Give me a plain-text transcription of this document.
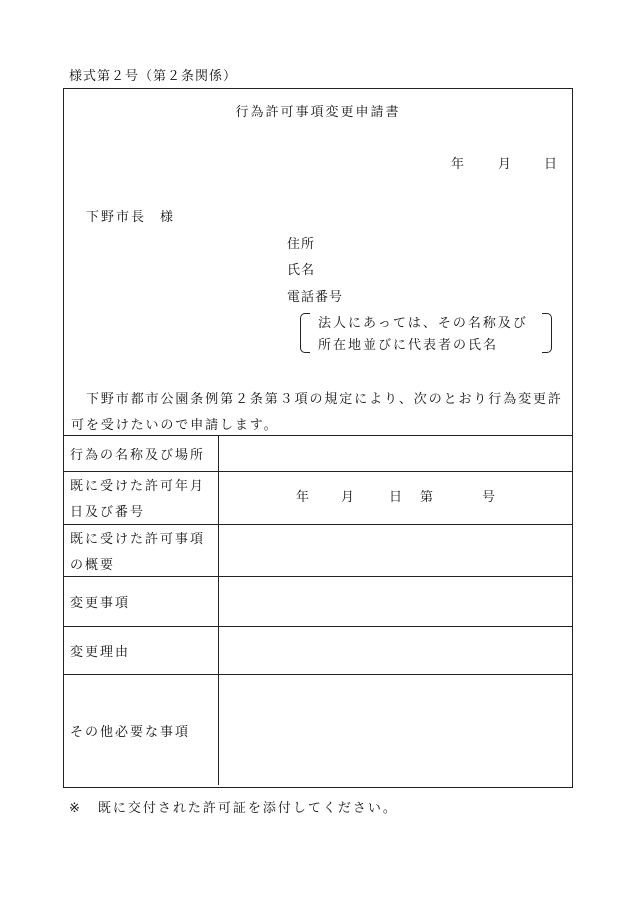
様式第２号（第２条関係）
行為許可事項変更申請書
年	月	日
下野市長 様
住所
氏名
電話番号
法人にあっては、その名称及び
所在地並びに代表者の氏名
下野市都市公園条例第２条第３項の規定により、次のとおり行為変更許可を受けたいので申請します。
行為の名称及び場所
既に受けた許可年月
日及び番号
年 月	日 第	号
既に受けた許可事項
の概要
変更事項
変更理由
その他必要な事項
※ 既に交付された許可証を添付してください。
